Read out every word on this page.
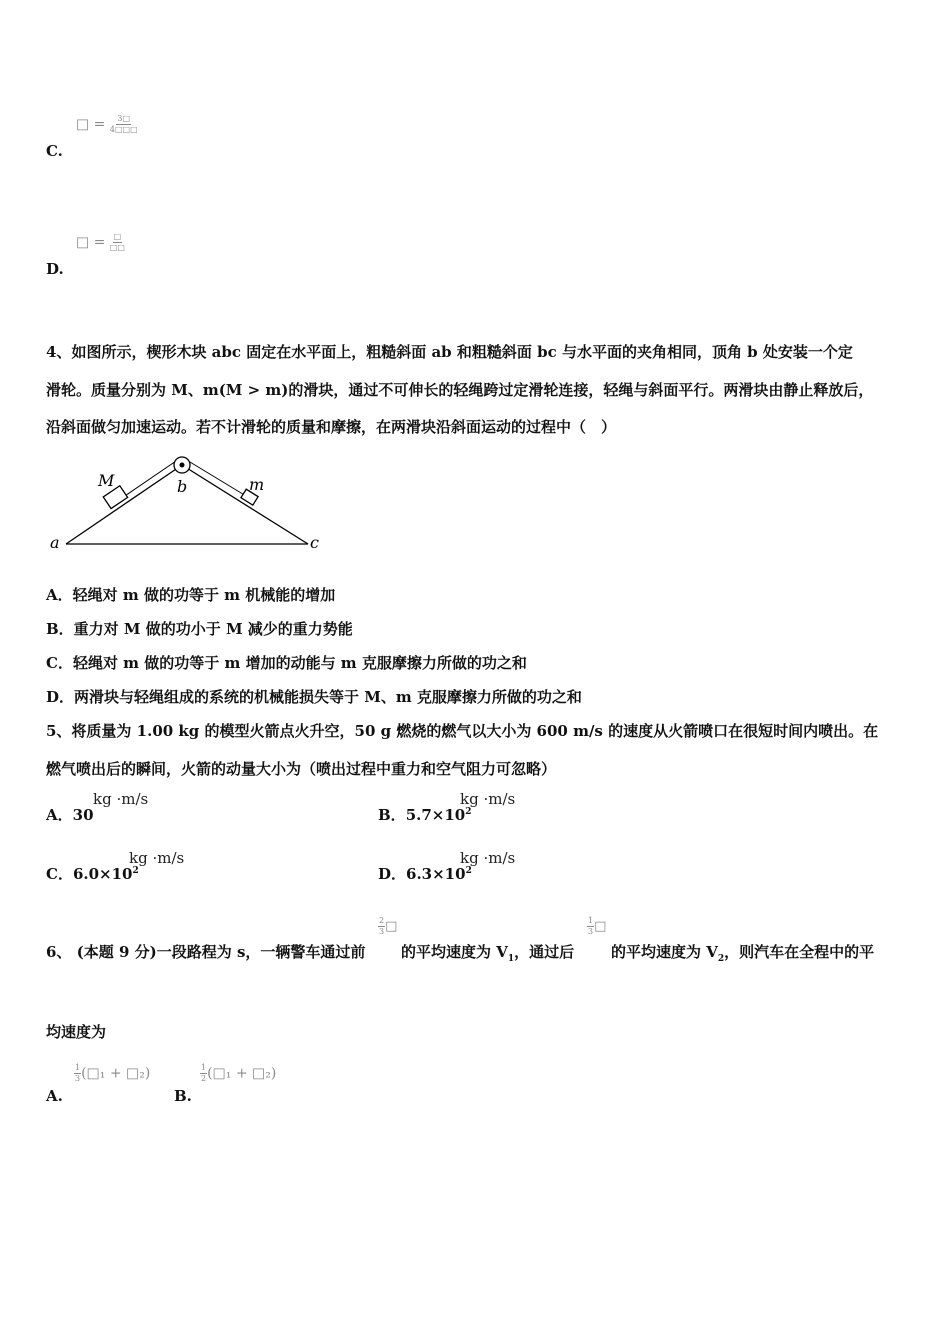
□ = $\frac{3□}{4□□□}$
C.
□ = $\frac{□}{□□}$
D.
4、如图所示，楔形木块 abc 固定在水平面上，粗糙斜面 ab 和粗糙斜面 bc 与水平面的夹角相同，顶角 b 处安装一个定
滑轮。质量分别为 M、m(M > m)的滑块，通过不可伸长的轻绳跨过定滑轮连接，轻绳与斜面平行。两滑块由静止释放后，
沿斜面做匀加速运动。若不计滑轮的质量和摩擦，在两滑块沿斜面运动的过程中（　）
a
b
c
M	m
A．轻绳对 m 做的功等于 m 机械能的增加
B．重力对 M 做的功小于 M 减少的重力势能
C．轻绳对 m 做的功等于 m 增加的动能与 m 克服摩擦力所做的功之和
D．两滑块与轻绳组成的系统的机械能损失等于 M、m 克服摩擦力所做的功之和
5、将质量为 1.00 kg 的模型火箭点火升空，50 g 燃烧的燃气以大小为 600 m/s 的速度从火箭喷口在很短时间内喷出。在
燃气喷出后的瞬间，火箭的动量大小为（喷出过程中重力和空气阻力可忽略）
A．30
kg ·m/s
B．$5.7\times 10^2$
kg ·m/s
C．$6.0\times 10^2$
kg ·m/s
D．$6.3\times 10^2$
kg ·m/s
6、 (本题 9 分)一段路程为 s，一辆警车通过前
$\frac{2}{3}$ □
的平均速度为 $V_1$，通过后
$\frac{1}{3}$ □
的平均速度为 $V_2$，则汽车在全程中的平
均速度为
$\frac{1}{3}$ (□₁ + □₂)
A.
$\frac{1}{2}$ (□₁ + □₂)
B.
